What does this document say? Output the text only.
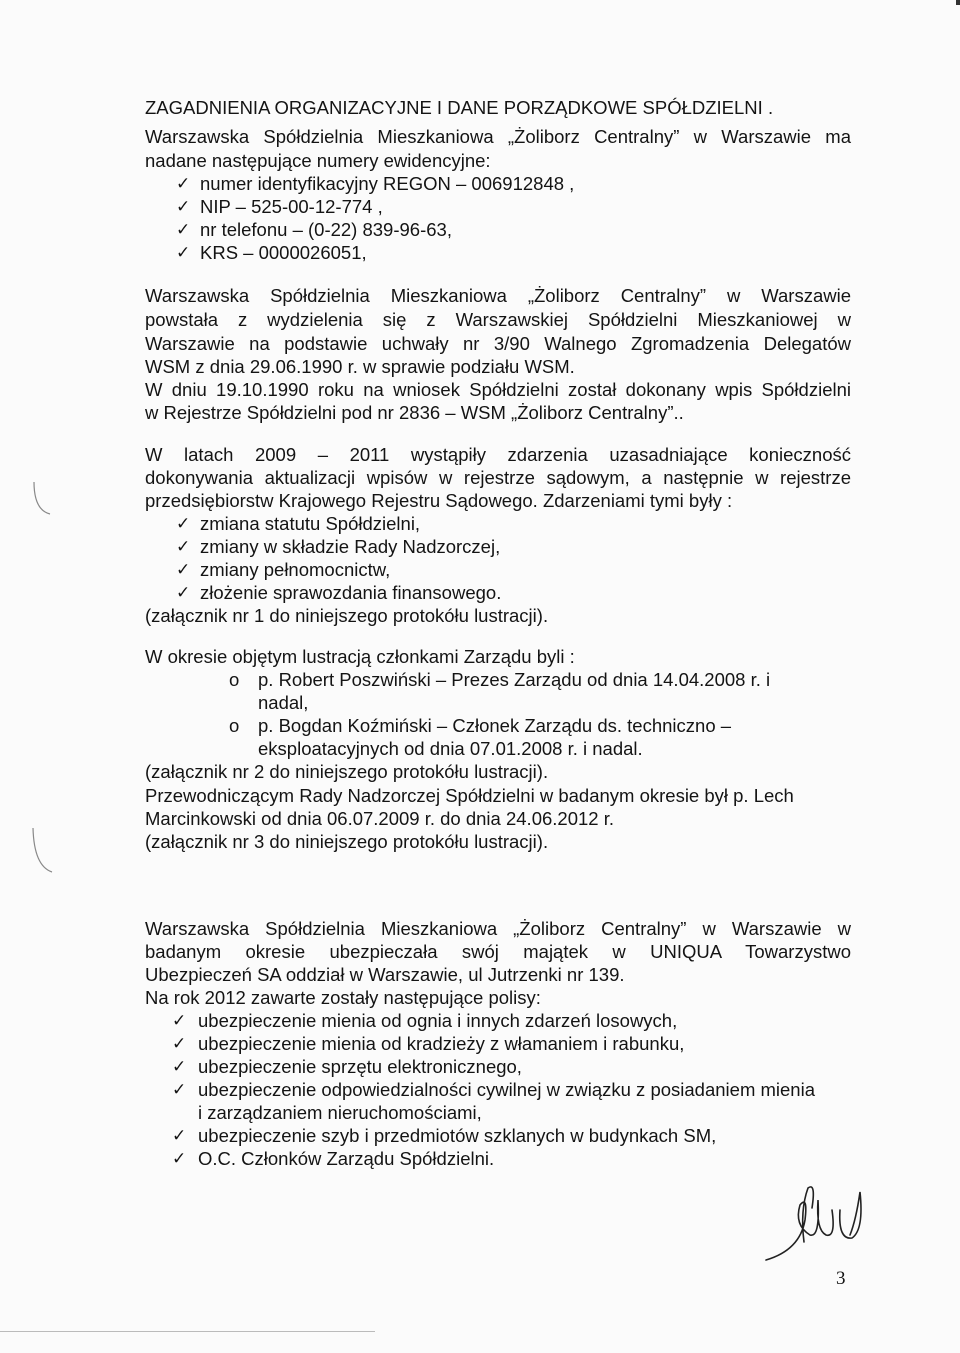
ZAGADNIENIA ORGANIZACYJNE I DANE PORZĄDKOWE SPÓŁDZIELNI .
Warszawska Spółdzielnia Mieszkaniowa „Żoliborz Centralny” w Warszawie ma
nadane następujące numery ewidencyjne:
✓ numer identyfikacyjny REGON – 006912848 ,
✓ NIP – 525-00-12-774 ,
✓ nr telefonu – (0-22) 839-96-63,
✓ KRS – 0000026051,
Warszawska Spółdzielnia Mieszkaniowa „Żoliborz Centralny” w Warszawie
powstała z wydzielenia się z Warszawskiej Spółdzielni Mieszkaniowej w
Warszawie na podstawie uchwały nr 3/90 Walnego Zgromadzenia Delegatów
WSM z dnia 29.06.1990 r. w sprawie podziału WSM.
W dniu 19.10.1990 roku na wniosek Spółdzielni został dokonany wpis Spółdzielni
w Rejestrze Spółdzielni pod nr 2836 – WSM „Żoliborz Centralny”..
W latach 2009 – 2011 wystąpiły zdarzenia uzasadniające konieczność
dokonywania aktualizacji wpisów w rejestrze sądowym, a następnie w rejestrze
przedsiębiorstw Krajowego Rejestru Sądowego. Zdarzeniami tymi były :
✓ zmiana statutu Spółdzielni,
✓ zmiany w składzie Rady Nadzorczej,
✓ zmiany pełnomocnictw,
✓ złożenie sprawozdania finansowego.
(załącznik nr 1 do niniejszego protokółu lustracji).
W okresie objętym lustracją członkami Zarządu byli :
o p. Robert Poszwiński – Prezes Zarządu od dnia 14.04.2008 r. i
nadal,
o p. Bogdan Koźmiński – Członek Zarządu ds. techniczno –
eksploatacyjnych od dnia 07.01.2008 r. i nadal.
(załącznik nr 2 do niniejszego protokółu lustracji).
Przewodniczącym Rady Nadzorczej Spółdzielni w badanym okresie był p. Lech
Marcinkowski od dnia 06.07.2009 r. do dnia 24.06.2012 r.
(załącznik nr 3 do niniejszego protokółu lustracji).
Warszawska Spółdzielnia Mieszkaniowa „Żoliborz Centralny” w Warszawie w
badanym okresie ubezpieczała swój majątek w UNIQUA Towarzystwo
Ubezpieczeń SA oddział w Warszawie, ul Jutrzenki nr 139.
Na rok 2012 zawarte zostały następujące polisy:
✓ ubezpieczenie mienia od ognia i innych zdarzeń losowych,
✓ ubezpieczenie mienia od kradzieży z włamaniem i rabunku,
✓ ubezpieczenie sprzętu elektronicznego,
✓ ubezpieczenie odpowiedzialności cywilnej w związku z posiadaniem mienia
i zarządzaniem nieruchomościami,
✓ ubezpieczenie szyb i przedmiotów szklanych w budynkach SM,
✓ O.C. Członków Zarządu Spółdzielni.
3
